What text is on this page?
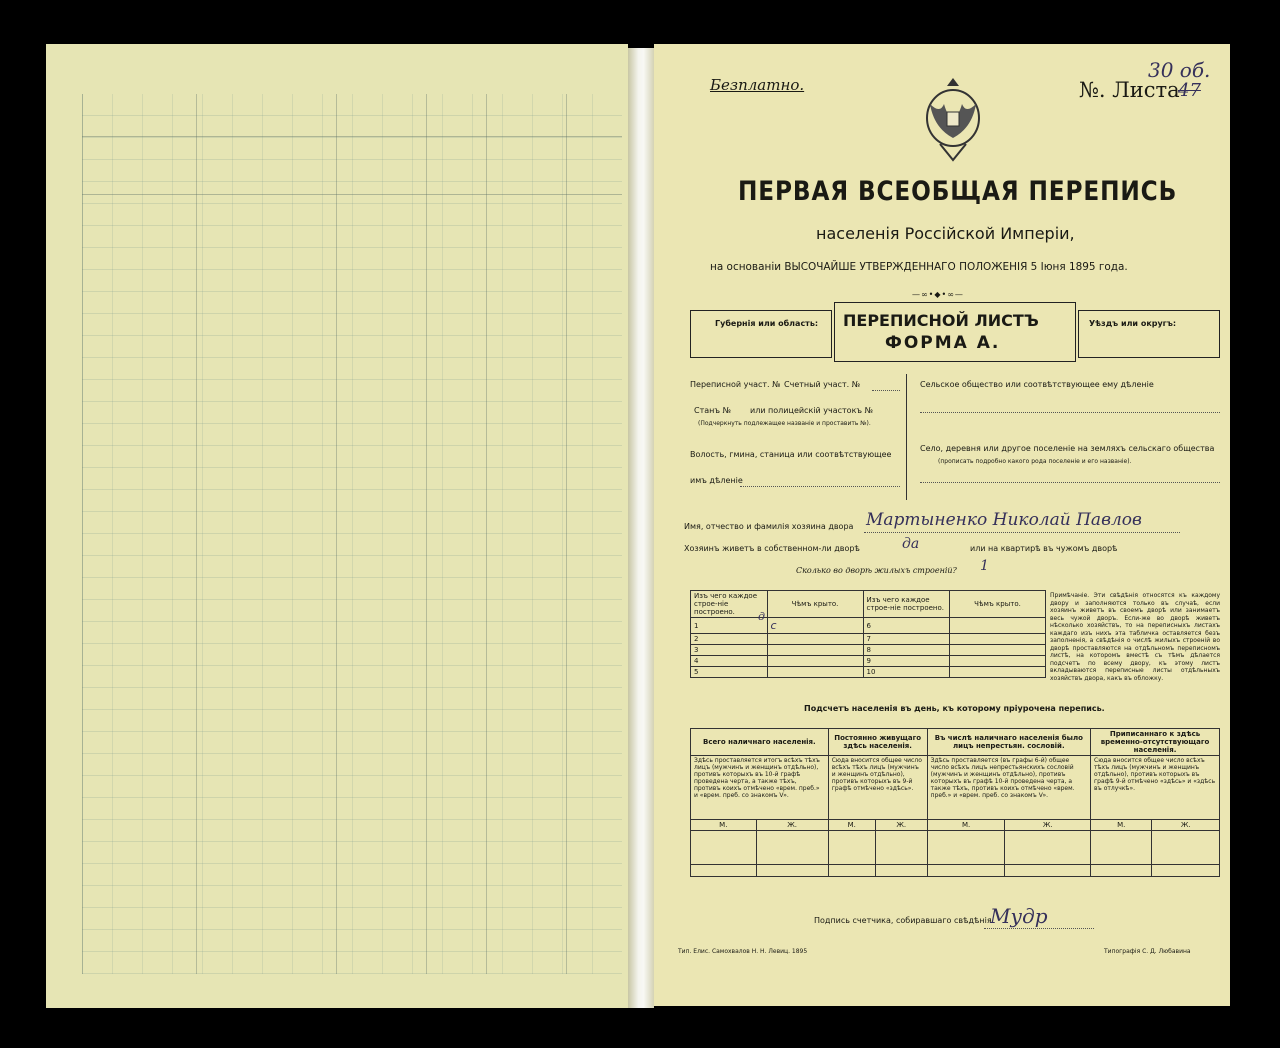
Безплатно.	№. Листа
47
30 об.
ПЕРВАЯ ВСЕОБЩАЯ ПЕРЕПИСЬ
населенія Россійской Имперіи,
на основаніи ВЫСОЧАЙШЕ УТВЕРЖДЕННАГО ПОЛОЖЕНІЯ 5 Іюня 1895 года.
—∞•◆•∞—
Губернія или область: ПЕРЕПИСНОЙ ЛИСТЪ
ФОРМА А.
Уѣздъ или округъ:
Переписной участ. № Счетный участ. №
Станъ № или полицейскій участокъ №
(Подчеркнуть подлежащее названіе и проставить №).
Волость, гмина, станица или соотвѣтствующее
имъ дѣленіе
Сельское общество или соотвѣтствующее ему дѣленіе
Село, деревня или другое поселеніе на земляхъ сельскаго общества
(прописать подробно какого рода поселеніе и его названіе).
Имя, отчество и фамилія хозяина двора Мартыненко Николай Павлов
Хозяинъ живетъ в собственном-ли дворѣ	да	или на квартирѣ въ чужомъ дворѣ
Сколько во дворѣ жилыхъ строеній? 1
Изъ чего каждое строе-ніе построено.	Чѣмъ крыто.	Изъ чего каждое строе-ніе построено.	Чѣмъ крыто.
1	с	6	
2		7	
3		8	
4		9	
5		10	
д
Примѣчаніе. Эти свѣдѣнія относятся къ каждому двору и заполняются только въ случаѣ, если хозяинъ живетъ въ своемъ дворѣ или занимаетъ весь чужой дворъ. Если-же во дворѣ живетъ нѣсколько хозяйствъ, то на переписныхъ листахъ каждаго изъ нихъ эта табличка оставляется безъ заполненія, а свѣдѣнія о числѣ жилыхъ строеній во дворѣ проставляются на отдѣльномъ переписномъ листѣ, на которомъ вместѣ съ тѣмъ дѣлается подсчетъ по всему двору, къ этому листъ вкладываются переписные листы отдѣльныхъ хозяйствъ двора, какъ въ обложку.
Подсчетъ населенія въ день, къ которому пріурочена перепись.
Всего наличнаго населенія.		Постоянно живущаго здѣсь населенія.		Въ числѣ наличнаго населенія было лицъ непрестьян. сословій.		Приписаннаго к здѣсь временно-отсутствующаго населенія.	
Здѣсь проставляется итогъ всѣхъ тѣхъ лицъ (мужчинъ и женщинъ отдѣльно), противъ которыхъ въ 10-й графѣ проведена черта, а также тѣхъ, противъ коихъ отмѣчено «врем. преб.» и «врем. преб. со знакомъ V».		Сюда вносится общее число всѣхъ тѣхъ лицъ (мужчинъ и женщинъ отдѣльно), противъ которыхъ въ 9-й графѣ отмѣчено «здѣсь».		Здѣсь проставляется (въ графы 6-й) общее число всѣхъ лицъ непрестьянскихъ сословій (мужчинъ и женщинъ отдѣльно), противъ которыхъ въ графѣ 10-й проведена черта, а также тѣхъ, противъ коихъ отмѣчено «врем. преб.» и «врем. преб. со знакомъ V».		Сюда вносится общее число всѣхъ тѣхъ лицъ (мужчинъ и женщинъ отдѣльно), противъ которыхъ въ графѣ 9-й отмѣчено «здѣсь» и «здѣсь въ отлучкѣ».	
М.	Ж.	М.	Ж.	М.	Ж.	М.	Ж.

Подпись счетчика, собиравшаго свѣдѣнія
Мудр
Тип. Елис. Самохвалов Н. Н. Левиц. 1895	Типографія С. Д. Любавина
